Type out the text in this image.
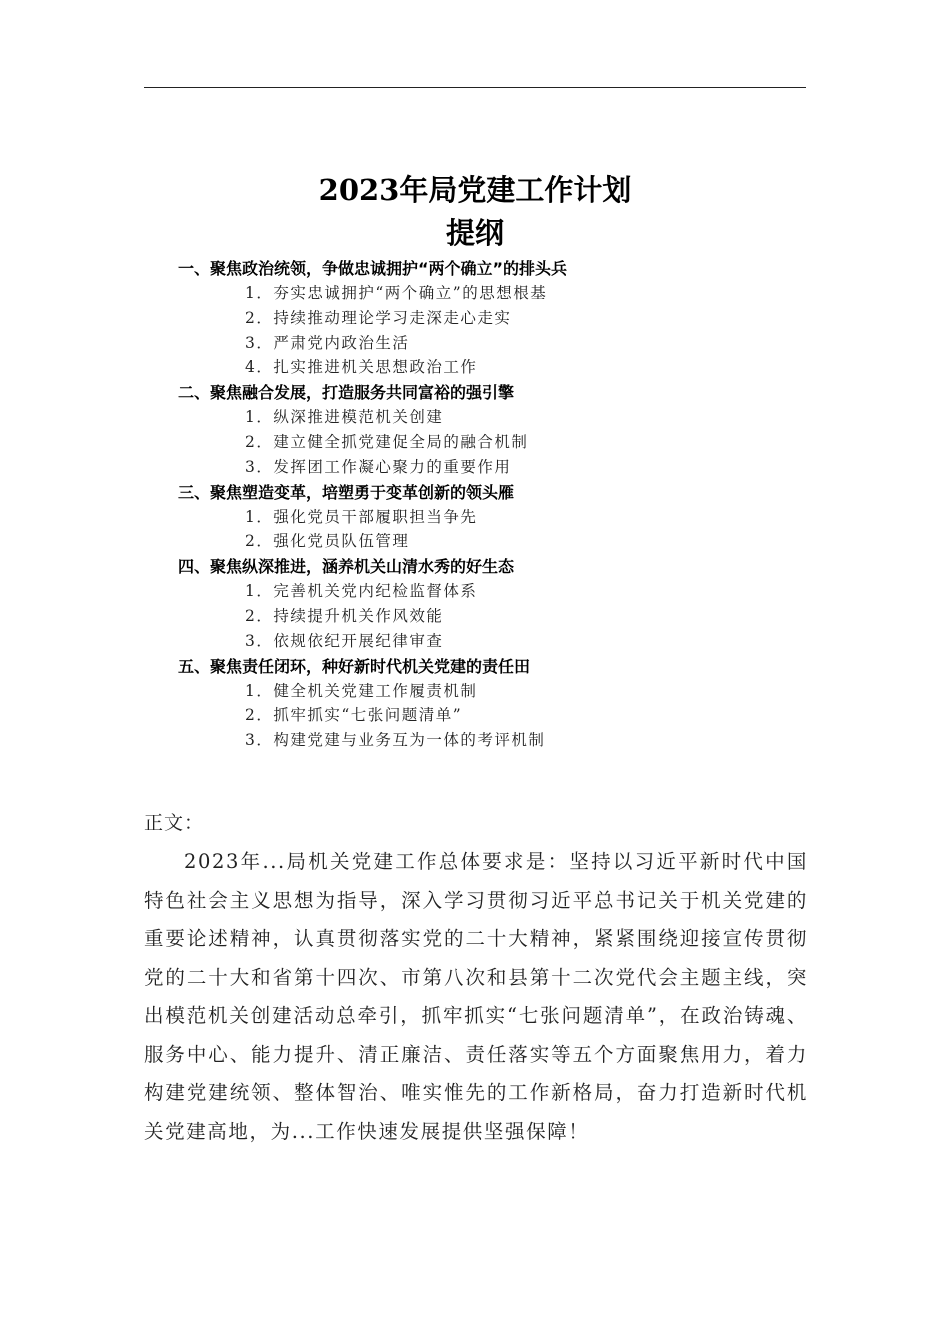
2023年局党建工作计划
提纲
一、聚焦政治统领，争做忠诚拥护“两个确立”的排头兵
1．夯实忠诚拥护“两个确立”的思想根基
2．持续推动理论学习走深走心走实
3．严肃党内政治生活
4．扎实推进机关思想政治工作
二、聚焦融合发展，打造服务共同富裕的强引擎
1．纵深推进模范机关创建
2．建立健全抓党建促全局的融合机制
3．发挥团工作凝心聚力的重要作用
三、聚焦塑造变革，培塑勇于变革创新的领头雁
1．强化党员干部履职担当争先
2．强化党员队伍管理
四、聚焦纵深推进，涵养机关山清水秀的好生态
1．完善机关党内纪检监督体系
2．持续提升机关作风效能
3．依规依纪开展纪律审查
五、聚焦责任闭环，种好新时代机关党建的责任田
1．健全机关党建工作履责机制
2．抓牢抓实“七张问题清单”
3．构建党建与业务互为一体的考评机制
正文：

2023年...局机关党建工作总体要求是：坚持以习近平新时代中国特色社会主义思想为指导，深入学习贯彻习近平总书记关于机关党建的重要论述精神，认真贯彻落实党的二十大精神，紧紧围绕迎接宣传贯彻党的二十大和省第十四次、市第八次和县第十二次党代会主题主线，突出模范机关创建活动总牵引，抓牢抓实“七张问题清单”，在政治铸魂、服务中心、能力提升、清正廉洁、责任落实等五个方面聚焦用力，着力构建党建统领、整体智治、唯实惟先的工作新格局，奋力打造新时代机关党建高地，为...工作快速发展提供坚强保障！
